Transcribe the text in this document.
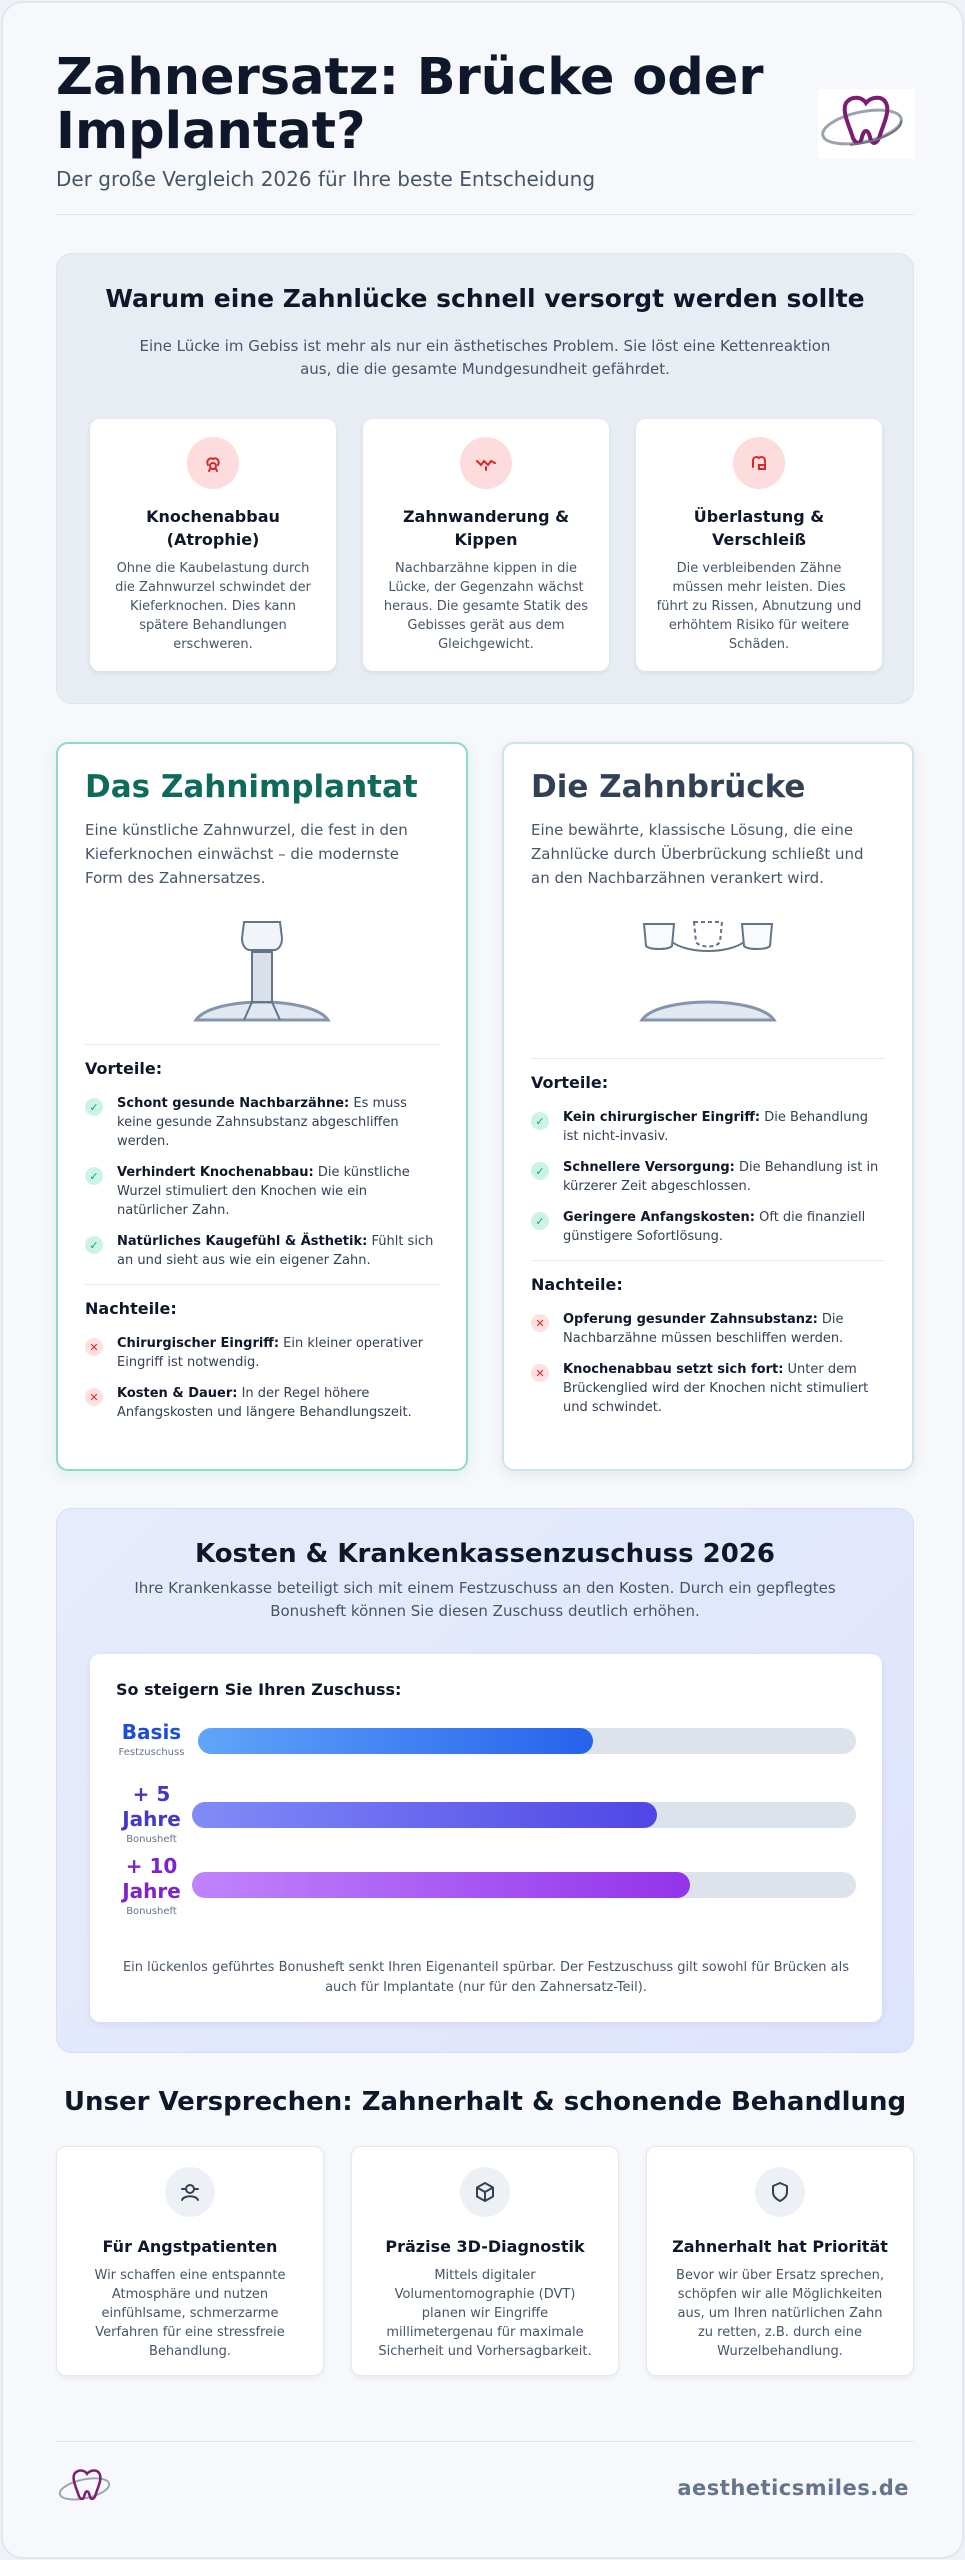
Zahnersatz: Brücke oder Implantat?
Der große Vergleich 2026 für Ihre beste Entscheidung
Warum eine Zahnlücke schnell versorgt werden sollte
Eine Lücke im Gebiss ist mehr als nur ein ästhetisches Problem. Sie löst eine Kettenreaktion aus, die die gesamte Mundgesundheit gefährdet.
Knochenabbau (Atrophie)

Ohne die Kaubelastung durch die Zahnwurzel schwindet der Kieferknochen. Dies kann spätere Behandlungen erschweren.

Zahnwanderung & Kippen

Nachbarzähne kippen in die Lücke, der Gegenzahn wächst heraus. Die gesamte Statik des Gebisses gerät aus dem Gleichgewicht.

Überlastung & Verschleiß

Die verbleibenden Zähne müssen mehr leisten. Dies führt zu Rissen, Abnutzung und erhöhtem Risiko für weitere Schäden.

Das Zahnimplantat
Eine künstliche Zahnwurzel, die fest in den Kieferknochen einwächst – die modernste Form des Zahnersatzes.
Vorteile:
✓	Schont gesunde Nachbarzähne: Es muss keine gesunde Zahnsubstanz abgeschliffen werden.
✓	Verhindert Knochenabbau: Die künstliche Wurzel stimuliert den Knochen wie ein natürlicher Zahn.
✓	Natürliches Kaugefühl & Ästhetik: Fühlt sich an und sieht aus wie ein eigener Zahn.
Nachteile:
✕	Chirurgischer Eingriff: Ein kleiner operativer Eingriff ist notwendig.
✕	Kosten & Dauer: In der Regel höhere Anfangskosten und längere Behandlungszeit.
Die Zahnbrücke
Eine bewährte, klassische Lösung, die eine Zahnlücke durch Überbrückung schließt und an den Nachbarzähnen verankert wird.
Vorteile:
✓	Kein chirurgischer Eingriff: Die Behandlung ist nicht-invasiv.
✓	Schnellere Versorgung: Die Behandlung ist in kürzerer Zeit abgeschlossen.
✓	Geringere Anfangskosten: Oft die finanziell günstigere Sofortlösung.
Nachteile:
✕	Opferung gesunder Zahnsubstanz: Die Nachbarzähne müssen beschliffen werden.
✕	Knochenabbau setzt sich fort: Unter dem Brückenglied wird der Knochen nicht stimuliert und schwindet.
Kosten & Krankenkassenzuschuss 2026
Ihre Krankenkasse beteiligt sich mit einem Festzuschuss an den Kosten. Durch ein gepflegtes Bonusheft können Sie diesen Zuschuss deutlich erhöhen.
So steigern Sie Ihren Zuschuss:
Basis
Festzuschuss
+ 5 Jahre
Bonusheft
+ 10 Jahre
Bonusheft
Ein lückenlos geführtes Bonusheft senkt Ihren Eigenanteil spürbar. Der Festzuschuss gilt sowohl für Brücken als auch für Implantate (nur für den Zahnersatz-Teil).
Unser Versprechen: Zahnerhalt & schonende Behandlung
Für Angstpatienten

Wir schaffen eine entspannte Atmosphäre und nutzen einfühlsame, schmerzarme Verfahren für eine stressfreie Behandlung.

Präzise 3D-Diagnostik

Mittels digitaler Volumentomographie (DVT) planen wir Eingriffe millimetergenau für maximale Sicherheit und Vorhersagbarkeit.

Zahnerhalt hat Priorität

Bevor wir über Ersatz sprechen, schöpfen wir alle Möglichkeiten aus, um Ihren natürlichen Zahn zu retten, z.B. durch eine Wurzelbehandlung.

aestheticsmiles.de
